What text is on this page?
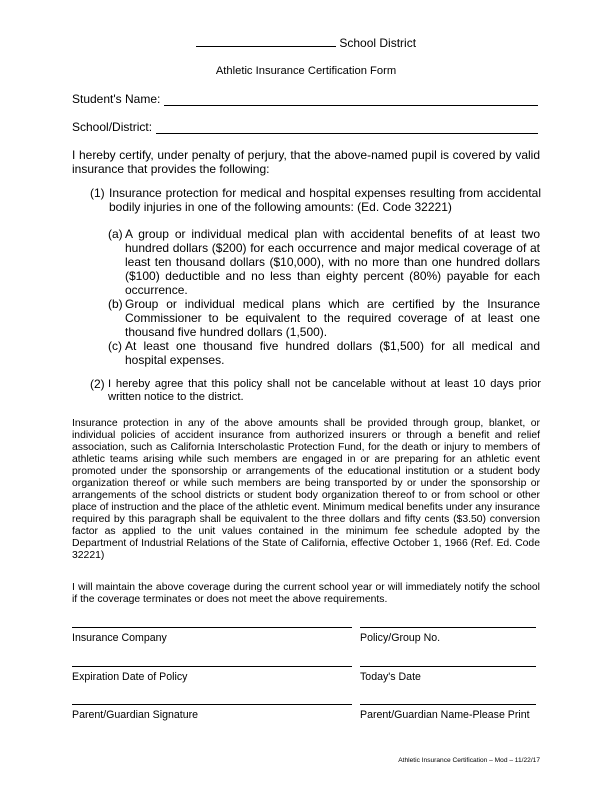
School District
Athletic Insurance Certification Form
Student's Name:
School/District:
I hereby certify, under penalty of perjury, that the above-named pupil is covered by valid insurance that provides the following:
(1) Insurance protection for medical and hospital expenses resulting from accidental bodily injuries in one of the following amounts: (Ed. Code 32221)
(a) A group or individual medical plan with accidental benefits of at least two hundred dollars ($200) for each occurrence and major medical coverage of at least ten thousand dollars ($10,000), with no more than one hundred dollars ($100) deductible and no less than eighty percent (80%) payable for each occurrence.
(b) Group or individual medical plans which are certified by the Insurance Commissioner to be equivalent to the required coverage of at least one thousand five hundred dollars (1,500).
(c) At least one thousand five hundred dollars ($1,500) for all medical and hospital expenses.
(2) I hereby agree that this policy shall not be cancelable without at least 10 days prior written notice to the district.
Insurance protection in any of the above amounts shall be provided through group, blanket, or individual policies of accident insurance from authorized insurers or through a benefit and relief association, such as California Interscholastic Protection Fund, for the death or injury to members of athletic teams arising while such members are engaged in or are preparing for an athletic event promoted under the sponsorship or arrangements of the educational institution or a student body organization thereof or while such members are being transported by or under the sponsorship or arrangements of the school districts or student body organization thereof to or from school or other place of instruction and the place of the athletic event. Minimum medical benefits under any insurance required by this paragraph shall be equivalent to the three dollars and fifty cents ($3.50) conversion factor as applied to the unit values contained in the minimum fee schedule adopted by the Department of Industrial Relations of the State of California, effective October 1, 1966 (Ref. Ed. Code 32221)
I will maintain the above coverage during the current school year or will immediately notify the school if the coverage terminates or does not meet the above requirements.
Insurance Company	Policy/Group No.
Expiration Date of Policy	Today's Date
Parent/Guardian Signature	Parent/Guardian Name-Please Print
Athletic Insurance Certification – Mod – 11/22/17
